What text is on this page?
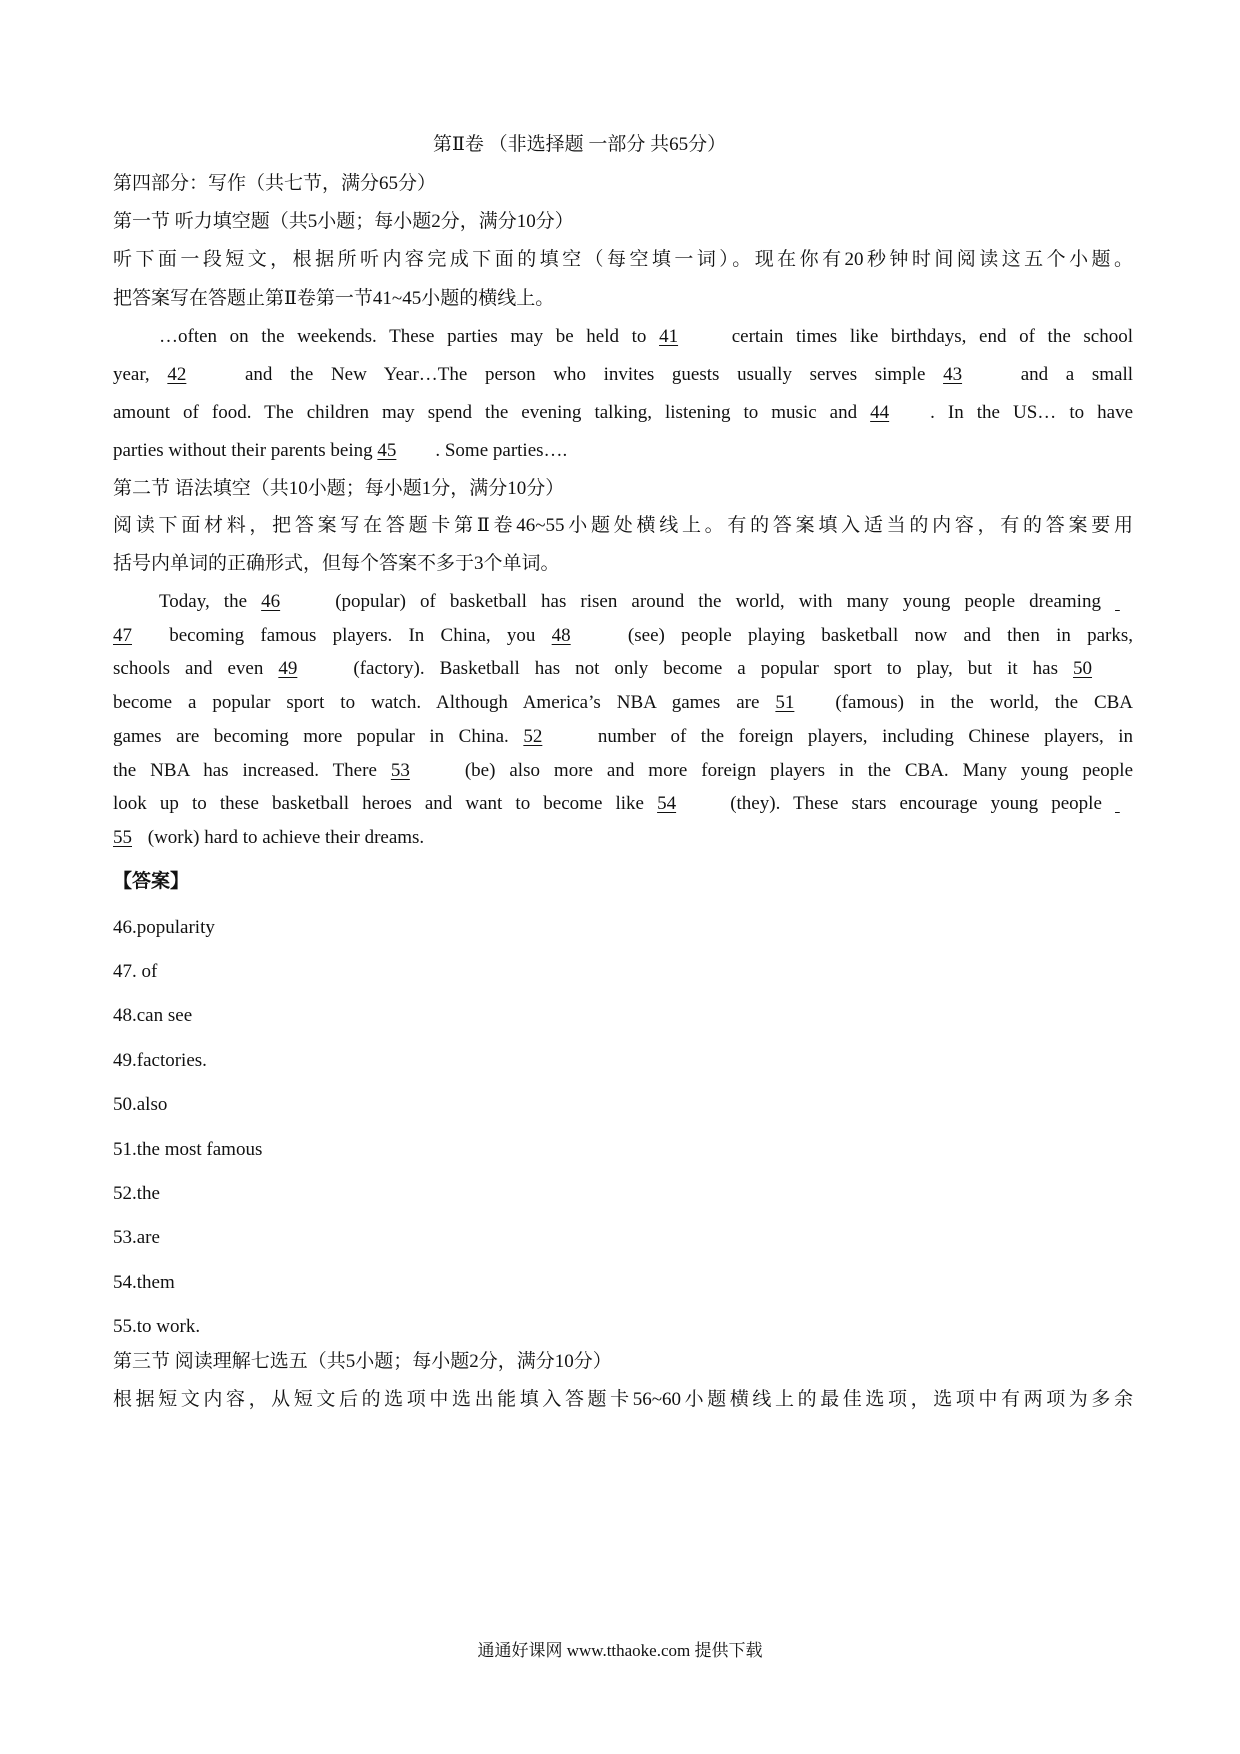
第Ⅱ卷 （非选择题 一部分 共65分）
第四部分：写作（共七节，满分65分）
第一节 听力填空题（共5小题；每小题2分，满分10分）
听下面一段短文，根据所听内容完成下面的填空（每空填一词）。现在你有20秒钟时间阅读这五个小题。
把答案写在答题止第Ⅱ卷第一节41~45小题的横线上。
…often on the weekends. These parties may be held to 41	certain times like birthdays, end of the school
year, 42	and the New Year…The person who invites guests usually serves simple 43	and a small
amount of food. The children may spend the evening talking, listening to music and 44 . In the US… to have
parties without their parents being 45 . Some parties….
第二节 语法填空（共10小题；每小题1分，满分10分）
阅读下面材料，把答案写在答题卡第Ⅱ卷46~55小题处横线上。有的答案填入适当的内容，有的答案要用
括号内单词的正确形式，但每个答案不多于3个单词。
Today, the 46	(popular) of basketball has risen around the world, with many young people dreaming
47 becoming famous players. In China, you 48	(see) people playing basketball now and then in parks,
schools and even 49	(factory). Basketball has not only become a popular sport to play, but it has 50
become a popular sport to watch. Although America’s NBA games are 51 (famous) in the world, the CBA
games are becoming more popular in China. 52	number of the foreign players, including Chinese players, in
the NBA has increased. There 53	(be) also more and more foreign players in the CBA. Many young people
look up to these basketball heroes and want to become like 54	(they). These stars encourage young people
55 (work) hard to achieve their dreams.
【答案】
46.popularity
47. of
48.can see
49.factories.
50.also
51.the most famous
52.the
53.are
54.them
55.to work.
第三节 阅读理解七选五（共5小题；每小题2分，满分10分）
根据短文内容，从短文后的选项中选出能填入答题卡56~60小题横线上的最佳选项，选项中有两项为多余
通通好课网 www.tthaoke.com 提供下载
